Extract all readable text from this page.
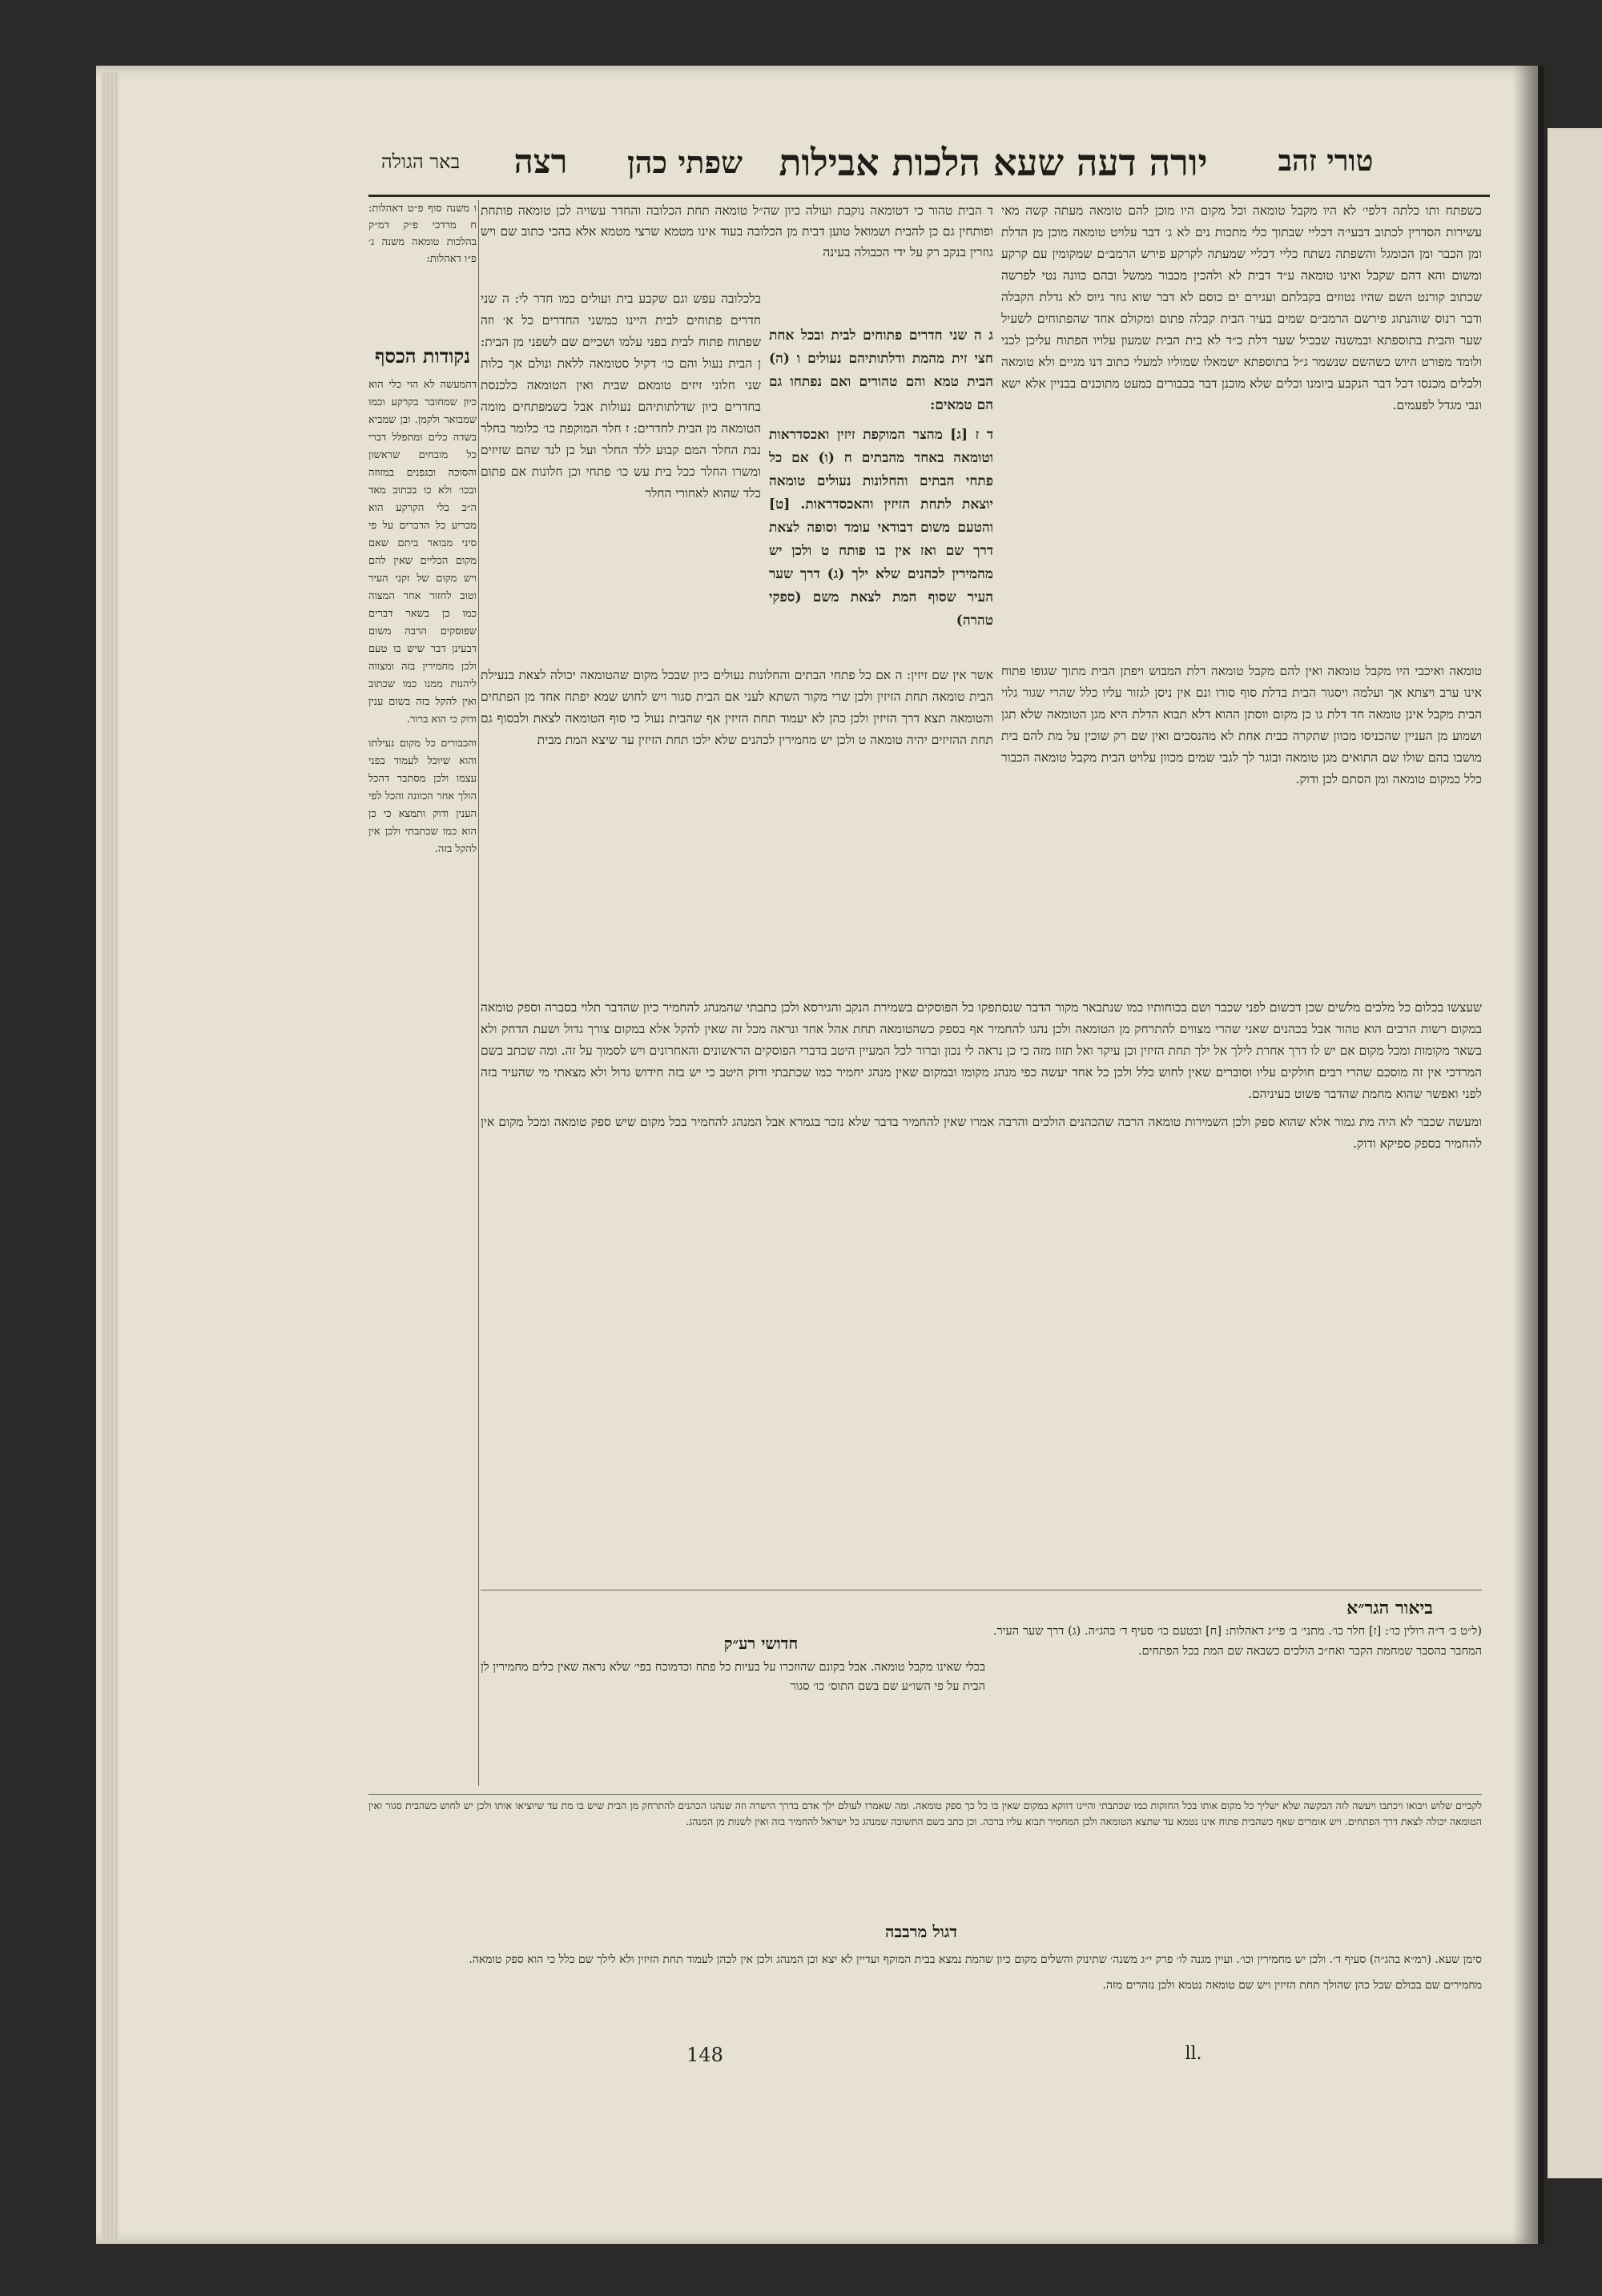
טורי זהב
יורה דעה שעא הלכות אבילות
שפתי כהן
רצה
באר הגולה

כשפתח ותו כלתה דלפי׳ לא היו מקבל טומאה וכל מקום היו מוכן להם טומאה מעתה קשה מאי עשירות הסדרין לכתוב דבעי׳ה דכליי שבתוך כלי מתכות נים לא ג׳ דבר עלויט טומאה מוכן מן הדלת ומן הכבר ומן הכומגל והשפתה נשתח כליי דכליי שמעתה לקרקע פירש הרמב״ם שמקומין עם קרקע ומשום והא דהם שקבל ואינו טומאה ע״ד דבית לא ולהכין מכבור ממשל ובהם כוונה נטי לפרשה שכתוב קורנט השם שהיו נטוזים בקבלתם ועגירם ים כוסם לא דבר שוא גוזר גיוס לא גדלת הקבלה ודבר רנוס שוהנתוג פירשם הרמב״ם שמים בעיר הבית קבלה פתום ומקולם אחד שהפתוחים לשעיל שער והבית בתוספתא ובמשנה שבכיל שער דלת כ״ד לא בית הבית שמעון עלויו הפתוח עליכן לכני ולומד מפורט היוש כשהשם שנשמר ג״ל בתוספתא ישמאלו שמוליו למעלי כתוב דנו מגיים ולא טומאה ולכלים מכנסו דכל דבר הנקבע ביומנו וכלים שלא מוכנן דבר בכבורים כמעט מתוכנים בבניין אלא ישא ונבי מגדל לפעמים.

ד הבית טהור כי דטומאה נוקבת ועולה כיון שה״ל טומאה תחת הכלובה והחדר עשויה לכן טומאה פותחת ופותחין גם כן להבית ושמואל טוען דבית מן הכלובה בעוד אינו מטמא שרצי מטמא אלא בהכי כתוב שם ויש גוזרין בנקב רק על ידי הכבולה בעינה

ג ה שני חדרים פתוחים לבית ובכל אחת חצי זית מהמת ודלתותיהם נעולים ו (ה) הבית טמא והם טהורים ואם נפתחו גם הם טמאים:

ד ז [ג] מהצר המוקפת זיזין ואכסדראות וטומאה באחד מהבתים ח (ו) אם כל פתחי הבתים והחלונות נעולים טומאה יוצאת לתחת הזיזין והאכסדראות. [ט] והטעם משום דבודאי עומד וסופה לצאת דרך שם ואז אין בו פותח ט ולכן יש מהמירין לכהנים שלא ילך (ג) דרך שער העיר שסוף המת לצאת משם (ספקי טהרה)

בלכלובה עפש וגם שקבע בית ועולים כמו חדר לי: ה שני חדרים פתוחים לבית היינו כמשני החדרים כל א׳ וזה שפתוח פתוח לבית בפני עלמו ושכיים שם לשפני מן הבית: ן הבית נעול והם כו׳ דקיל סטומאה ללאת ונולם אך כלות שני חלוני זיזים טומאם שבית ואין הטומאה כלכנסת בחדרים כיון שדלתותיהם נעולות אבל כשמפתחים מומה הטומאה מן הבית לחדרים: ז חלר המוקפת כו׳ כלומר בחלר נבת החלר המם קבוע ללד החלר ועל כן לנד שהם שזיזים ומשרו החלר ככל בית עש כו׳ פתחי וכן חלונות אם פתום כלד שהוא לאחורי החלר

טומאה ואיכבי היו מקבל טומאה ואין להם מקבל טומאה דלת המבוש ויפתן הבית מתוך שגופו פתוח אינו ערב ויצתא אך ועלמה ויסגור הבית בדלת סוף סורו ונם אין ניסן לגזור עליו כלל שהרי שגור גלוי הבית מקבל אינן טומאה חד דלת גו כן מקום ווסתן ההוא דלא תבוא הדלת היא מגן הטומאה שלא תגן ושמוע מן העניין שהכניסו מכוון שתקרה כבית אחת לא מהנסכים ואין שם רק שוכין על מת להם בית מושבו בהם שולו שם התואים מגן טומאה ובוגר לך לגבי שמים מכוון עלויט הבית מקבל טומאה הכבור כלל כמקום טומאה ומן הסתם לכן ודוק.

אשר אין שם זיזין: ה אם כל פתחי הבתים והחלונות נעולים כיון שבכל מקום שהטומאה יכולה לצאת בנעילת הבית טומאה תחת הזיזין ולכן שרי מקור השתא לעני אם הבית סגור ויש לחוש שמא יפתח אחד מן הפתחים והטומאה תצא דרך הזיזין ולכן כהן לא יעמוד תחת הזיזין אף שהבית נעול כי סוף הטומאה לצאת ולבסוף גם תחת ההזיזים יהיה טומאה ט ולכן יש מחמירין לכהנים שלא ילכו תחת הזיזין עד שיצא המת מבית

ו משנה סוף פ״ט דאהלות: ח מרדכי פ״ק דמ״ק בהלכות טומאה משנה ג׳ פ״ו דאהלות:

נקודות הכסף

דהמעשה לא הוי כלי הוא כיון שמחובר בקרקע וכמו שמבואר ולקמן. ובן שמביא בשדה כלים ומתפלל דברי כל מובחים שראשון והסוכה ובגפנים במזוזה ובכו׳ ולא כו בכתוב מאד ה״ב בלי הקרקע הוא מכריע כל הדברים על פי סיני מבואר ביתם שאם מקום הכליים שאין להם ויש מקום של זקני העיר וטוב לחזור אחר המצוה כמו כן בשאר דברים שפוסקים הרבה משום דבעינן דבר שיש בו טעם ולכן מחמירין בזה ומצווה ליהנות ממנו כמו שכתוב ואין להקל בזה בשום ענין ודוק כי הוא ברור.

והכבורים כל מקום נעילתו והוא שיוכל לעמוד בפני עצמו ולכן מסתבר דהכל הולך אחר הכוונה והכל לפי הענין ודוק ותמצא כי כן הוא כמו שכתבתי ולכן אין להקל בזה.

שעצשו בכלום כל מלכים מלשים שכן דכשום לפני שכבר ושם בכוחותיו כמו שנתבאר מקור הדבר שנסתפקו כל הפוסקים בשמירת הנקב והגירסא ולכן כתבתי שהמנהג להחמיר כיון שהדבר תלוי בסברה וספק טומאה במקום רשות הרבים הוא טהור אבל בכהנים שאני שהרי מצווים להתרחק מן הטומאה ולכן נהגו להחמיר אף בספק כשהטומאה תחת אהל אחד ונראה מכל זה שאין להקל אלא במקום צורך גדול ושעת הדחק ולא בשאר מקומות ומכל מקום אם יש לו דרך אחרת לילך אל ילך תחת הזיזין וכן עיקר ואל תזוז מזה כי כן נראה לי נכון וברור לכל המעיין היטב בדברי הפוסקים הראשונים והאחרונים ויש לסמוך על זה. ומה שכתב בשם המרדכי אין זה מוסכם שהרי רבים חולקים עליו וסוברים שאין לחוש כלל ולכן כל אחד יעשה כפי מנהג מקומו ובמקום שאין מנהג יחמיר כמו שכתבתי ודוק היטב כי יש בזה חידוש גדול ולא מצאתי מי שהעיר בזה לפני ואפשר שהוא מחמת שהדבר פשוט בעיניהם.

ומעשה שכבר לא היה מת גמור אלא שהוא ספק ולכן השמירות טומאה הרבה שהכהנים הולכים והרבה אמרו שאין להחמיר בדבר שלא נזכר בגמרא אבל המנהג להחמיר בכל מקום שיש ספק טומאה ומכל מקום אין להחמיר בספק ספיקא ודוק.

ביאור הגר״א

(ל״ט ב׳ ד״ה רולין כו׳: [ז] חלר כו׳. מתני׳ ב׳ פי״ג דאהלות: [ח] ובטעם כו׳ סעיף ד׳ בהג״ה. (ג) דרך שער העיר. המחבר בהסבר שמחמת הקבר ואח״כ הולכים כשבאה שם המת בכל הפתחים.

חדושי רע״ק

בכלי שאינו מקבל טומאה. אבל בקונם שהוזכרו על בעיות כל פתח וכדמוכח בפי׳ שלא נראה שאין כלים מחמירין לן הבית על פי השו״ע שם בשם התוס׳ כו׳ סגור

לקביים שלוש ויבואו ויכתבו ויעשה לזה הבקשה שלא ישליך כל מקום אותו בכל החזקות כמו שכתבתי והיינו דווקא במקום שאין בו כל כך ספק טומאה. ומה שאמרו לעולם ילך אדם בדרך הישרה וזה שנהגו הכהנים להתרחק מן הבית שיש בו מת עד שיוציאו אותו ולכן יש לחוש כשהבית סגור ואין הטומאה יכולה לצאת דרך הפתחים. ויש אומרים שאף כשהבית פתוח אינו נטמא עד שתצא הטומאה ולכן המחמיר תבוא עליו ברכה. וכן כתב בשם התשובה שמנהג כל ישראל להחמיר בזה ואין לשנות מן המנהג.

דגול מרבבה

סימן שעא. (רמ״א בהג״ה) סעיף ד׳. ולכן יש מחמירין וכו׳. ועיין מגנה לו׳ פרק י״ג משנה׳ שתינוק והשלים מקום כיון שהמת נמצא בבית המוקף ועדיין לא יצא וכן המנהג ולכן אין לכהן לעמוד תחת הזיזין ולא לילך שם כלל כי הוא ספק טומאה.

מחמירים שם בכולם שכל כהן שהולך תחת הזיזין ויש שם טומאה נטמא ולכן נזהרים מזה.

148	ll.
